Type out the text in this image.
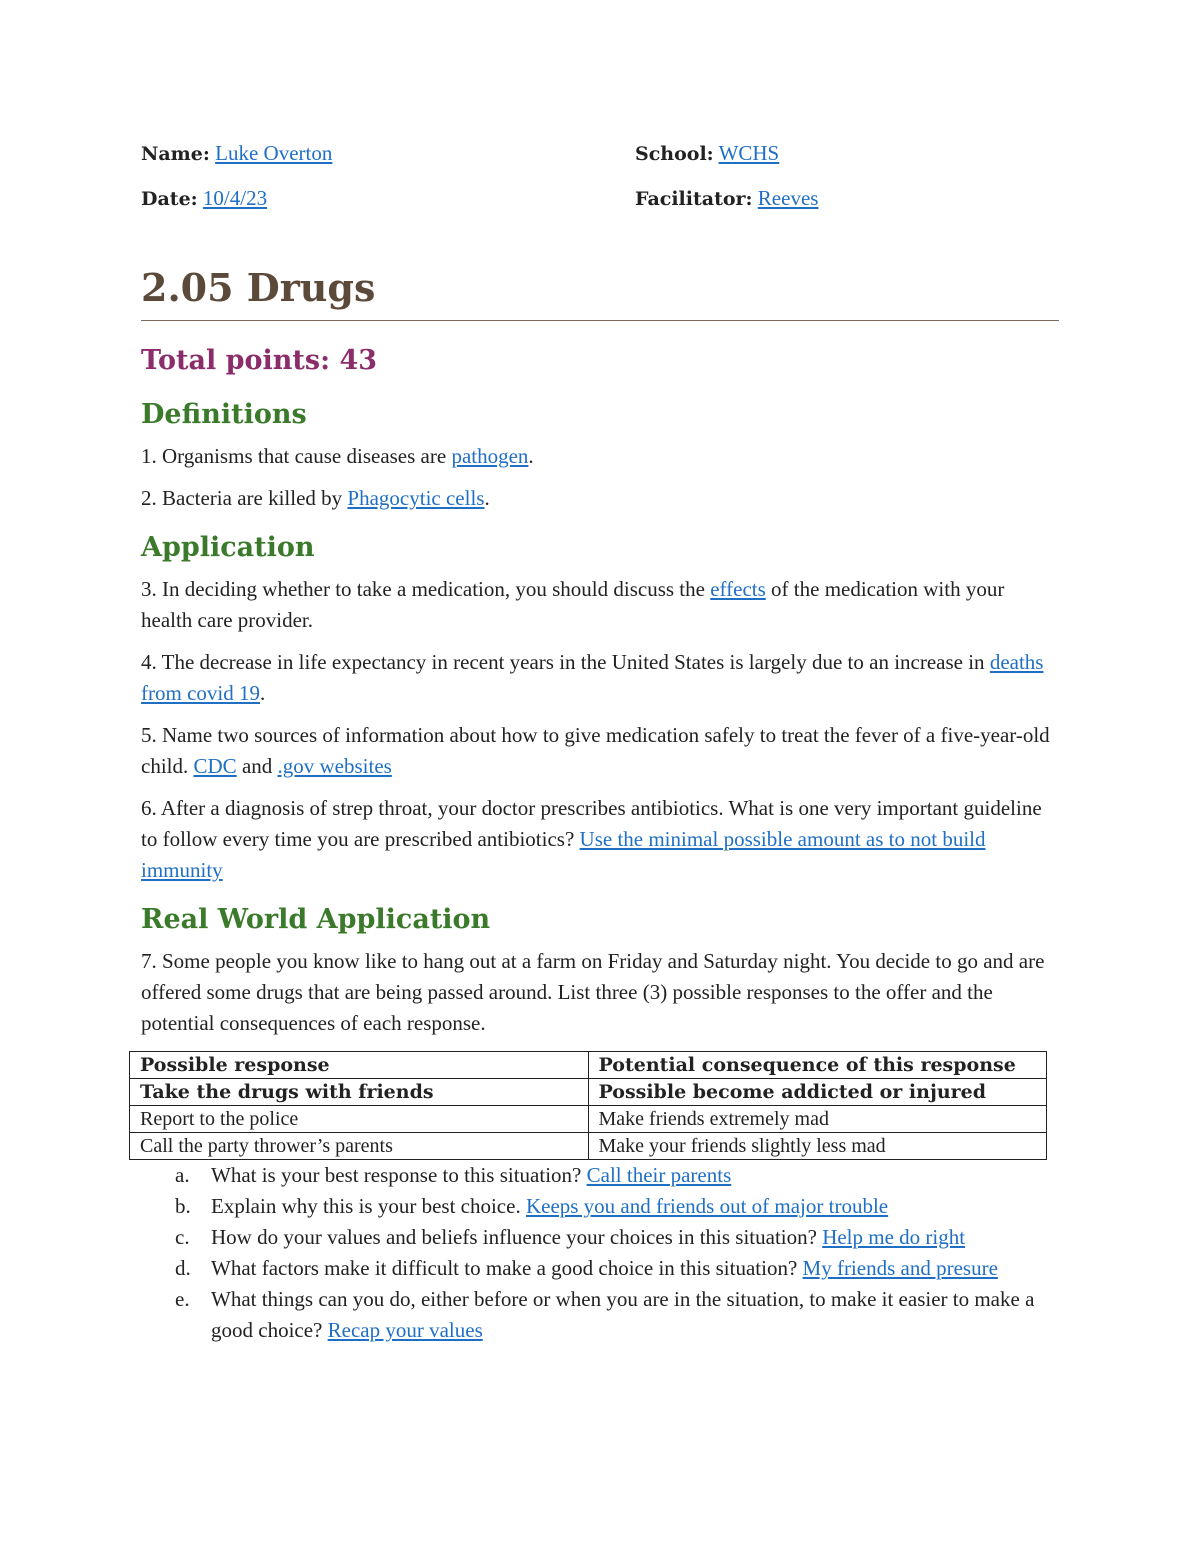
Name: Luke Overton	School: WCHS
Date: 10/4/23	Facilitator: Reeves
2.05 Drugs
Total points: 43
Definitions

1. Organisms that cause diseases are pathogen.

2. Bacteria are killed by Phagocytic cells.

Application

3. In deciding whether to take a medication, you should discuss the effects of the medication with your health care provider.

4. The decrease in life expectancy in recent years in the United States is largely due to an increase in deaths from covid 19.

5. Name two sources of information about how to give medication safely to treat the fever of a five-year-old child. CDC and .gov websites

6. After a diagnosis of strep throat, your doctor prescribes antibiotics. What is one very important guideline to follow every time you are prescribed antibiotics? Use the minimal possible amount as to not build immunity

Real World Application

7. Some people you know like to hang out at a farm on Friday and Saturday night. You decide to go and are offered some drugs that are being passed around. List three (3) possible responses to the offer and the potential consequences of each response.

Possible response	Potential consequence of this response
Take the drugs with friends	Possible become addicted or injured
Report to the police	Make friends extremely mad
Call the party thrower’s parents	Make your friends slightly less mad
a. What is your best response to this situation? Call their parents
b. Explain why this is your best choice. Keeps you and friends out of major trouble
c. How do your values and beliefs influence your choices in this situation? Help me do right
d. What factors make it difficult to make a good choice in this situation? My friends and presure
e. What things can you do, either before or when you are in the situation, to make it easier to make a good choice? Recap your values
